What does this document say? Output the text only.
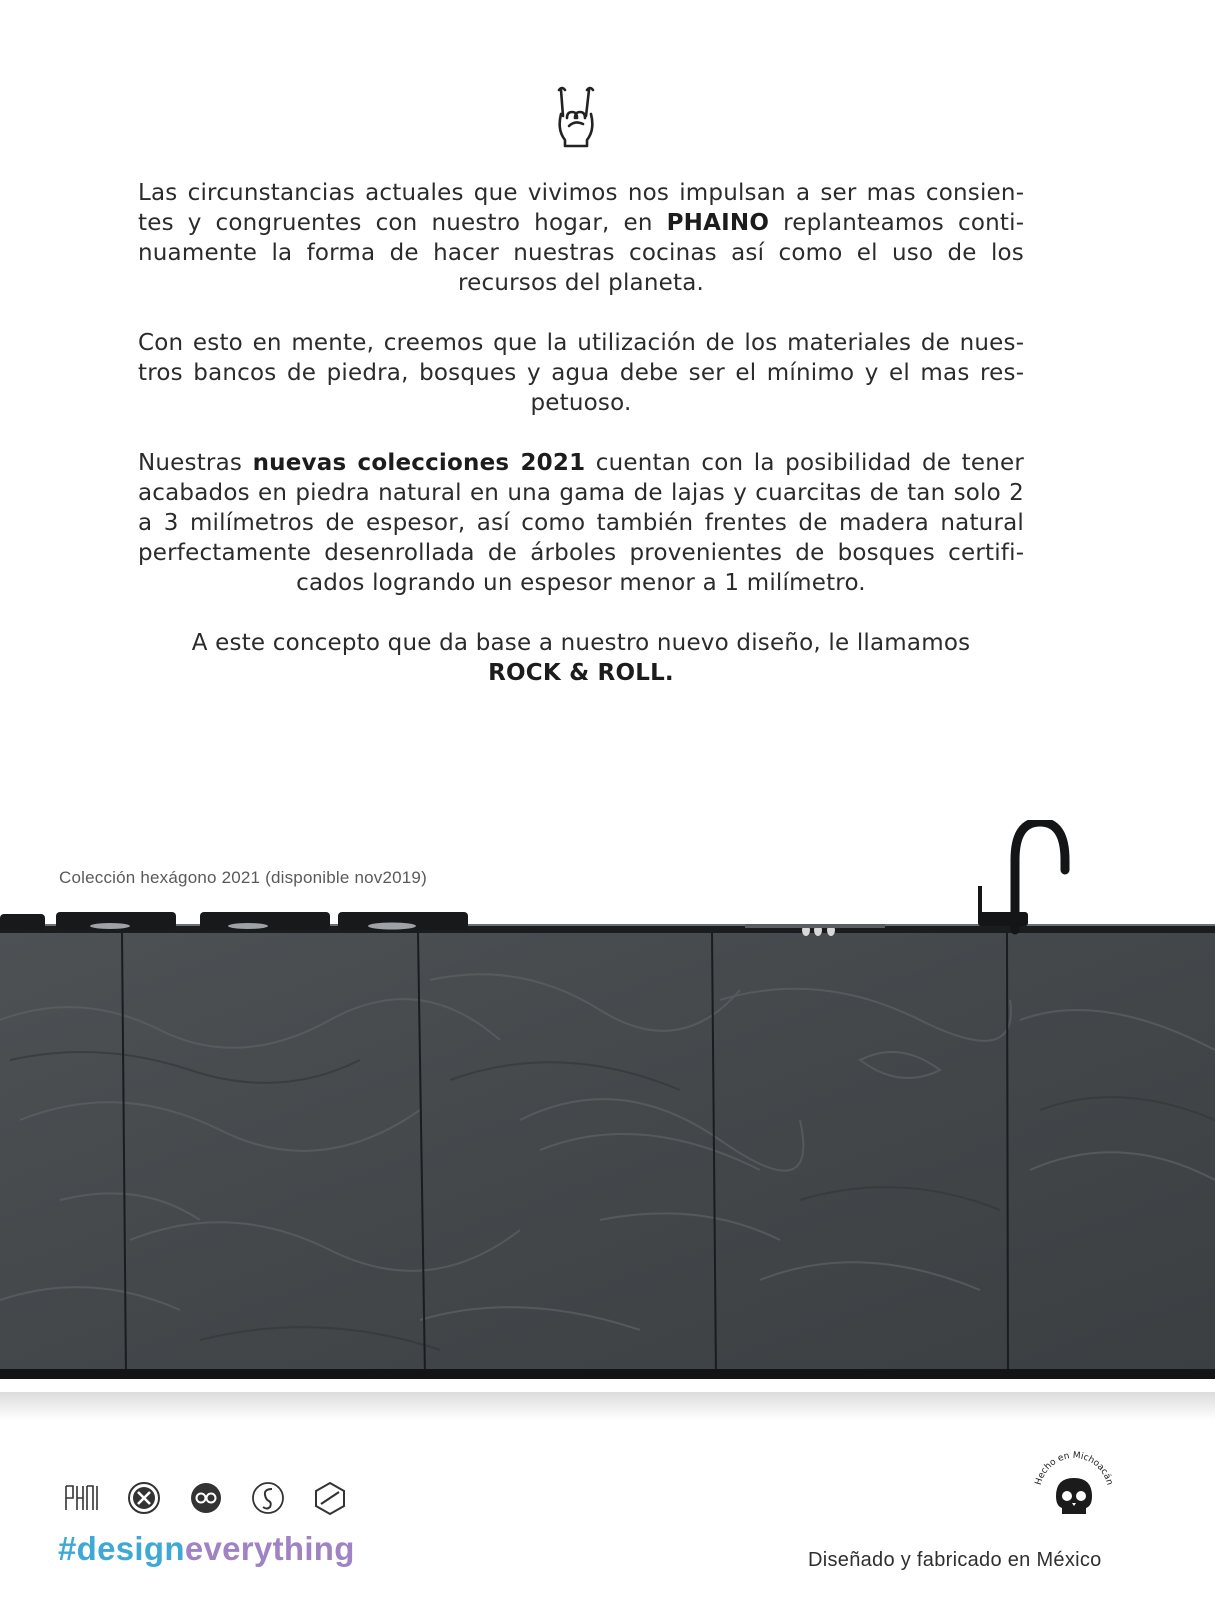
Las circunstancias actuales que vivimos nos impulsan a ser mas consientes y congruentes con nuestro hogar, en PHAINO replanteamos continuamente la forma de hacer nuestras cocinas así como el uso de los recursos del planeta.

Con esto en mente, creemos que la utilización de los materiales de nuestros bancos de piedra, bosques y agua debe ser el mínimo y el mas respetuoso.

Nuestras nuevas colecciones 2021 cuentan con la posibilidad de tener acabados en piedra natural en una gama de lajas y cuarcitas de tan solo 2 a 3 milímetros de espesor, así como también frentes de madera natural perfectamente desenrollada de árboles provenientes de bosques certificados logrando un espesor menor a 1 milímetro.

A este concepto que da base a nuestro nuevo diseño, le llamamos
ROCK & ROLL.

Colección hexágono 2021 (disponible nov2019)
#designeverything
Hecho en Michoacán
Diseñado y fabricado en México
